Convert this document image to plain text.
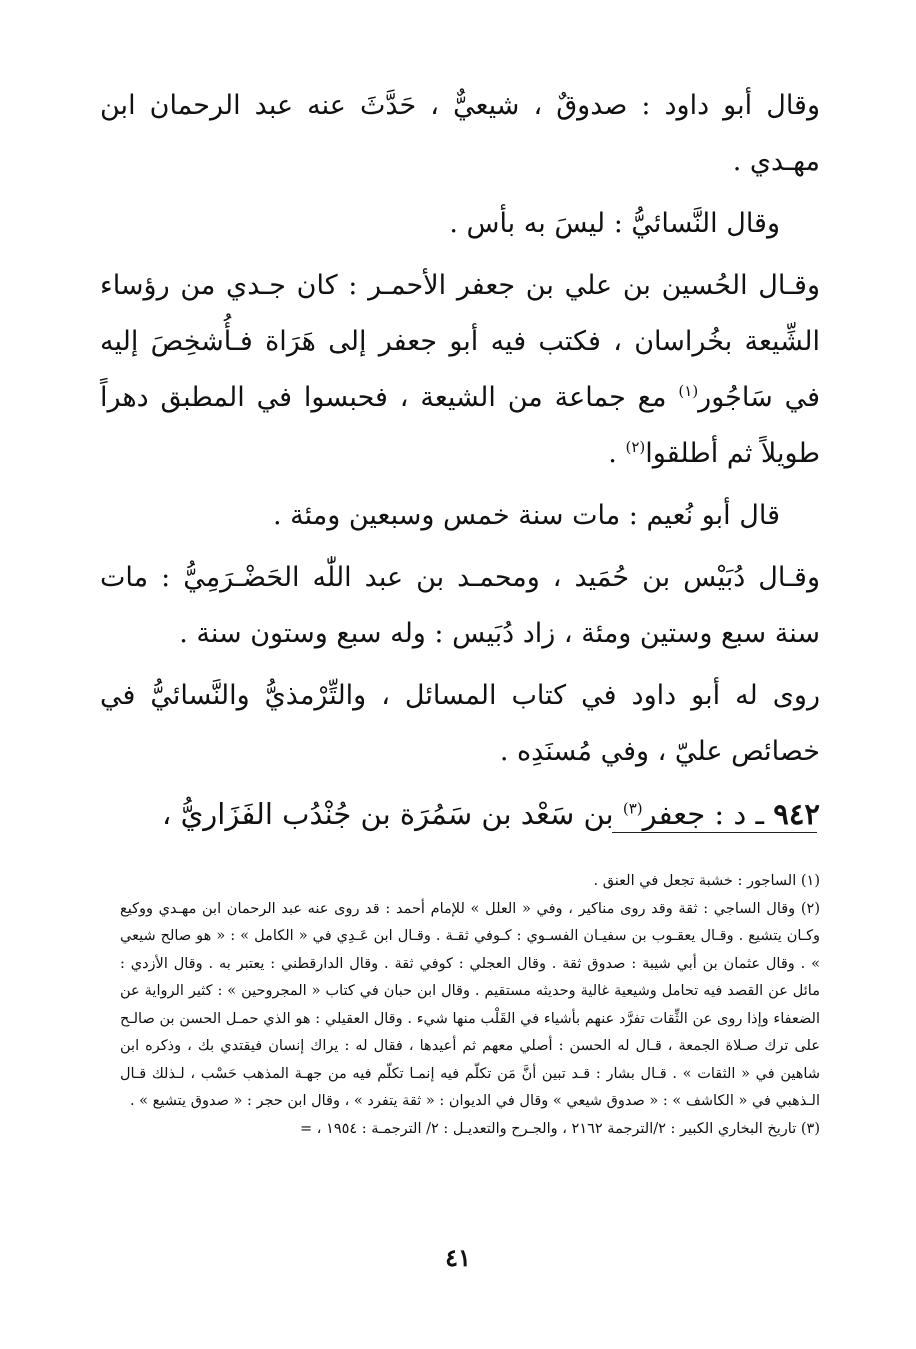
وقال أبو داود : صدوقٌ ، شيعيٌّ ، حَدَّثَ عنه عبد الرحمان ابن مهـدي .

وقال النَّسائيُّ : ليسَ به بأس .

وقـال الحُسين بن علي بن جعفر الأحمـر : كان جـدي من رؤساء الشِّيعة بخُراسان ، فكتب فيه أبو جعفر إلى هَرَاة فـأُشخِصَ إليه في سَاجُور$^{(١)}$ مع جماعة من الشيعة ، فحبسوا في المطبق دهراً طويلاً ثم أطلقوا$^{(٢)}$ .

قال أبو نُعيم : مات سنة خمس وسبعين ومئة .

وقـال دُبَيْس بن حُمَيد ، ومحمـد بن عبد اللّٰه الحَضْـرَمِيُّ : مات سنة سبع وستين ومئة ، زاد دُبَيس : وله سبع وستون سنة .

روى له أبو داود في كتاب المسائل ، والتِّرْمذيُّ والنَّسائيُّ في خصائص عليّ ، وفي مُسنَدِه .

٩٤٢ ـ د : جعفر$^{(٣)}$ بن سَعْد بن سَمُرَة بن جُنْدُب الفَزَاريُّ ،

(١) الساجور : خشبة تجعل في العنق .

(٢) وقال الساجي : ثقة وقد روى مناكير ، وفي « العلل » للإمام أحمد : قد روى عنه عبد الرحمان ابن مهـدي ووكيع وكـان يتشيع . وقـال يعقـوب بن سفيـان الفسـوي : كـوفي ثقـة . وقـال ابن عَـدِي في « الكامل » : « هو صالح شيعي » . وقال عثمان بن أبي شيبة : صدوق ثقة . وقال العجلي : كوفي ثقة . وقال الدارقطني : يعتبر به . وقال الأزدي : مائل عن القصد فيه تحامل وشيعية غالية وحديثه مستقيم . وقال ابن حبان في كتاب « المجروحين » : كثير الرواية عن الضعفاء وإذا روى عن الثِّقات تفرَّد عنهم بأشياء في القَلْب منها شيء . وقال العقيلي : هو الذي حمـل الحسن بن صالـح على ترك صـلاة الجمعة ، قـال له الحسن : أصلي معهم ثم أعيدها ، فقال له : يراك إنسان فيقتدي بك ، وذكره ابن شاهين في « الثقات » . قـال بشار : قـد تبين أنَّ مَن تكلّم فيه إنمـا تكلّم فيه من جهـة المذهب حَسْب ، لـذلك قـال الـذهبي في « الكاشف » : « صدوق شيعي » وقال في الديوان : « ثقة يتفرد » ، وقال ابن حجر : « صدوق يتشيع » .

(٣) تاريخ البخاري الكبير : ٢/الترجمة ٢١٦٢ ، والجـرح والتعديـل : ٢/ الترجمـة : ١٩٥٤ ، =

٤١
